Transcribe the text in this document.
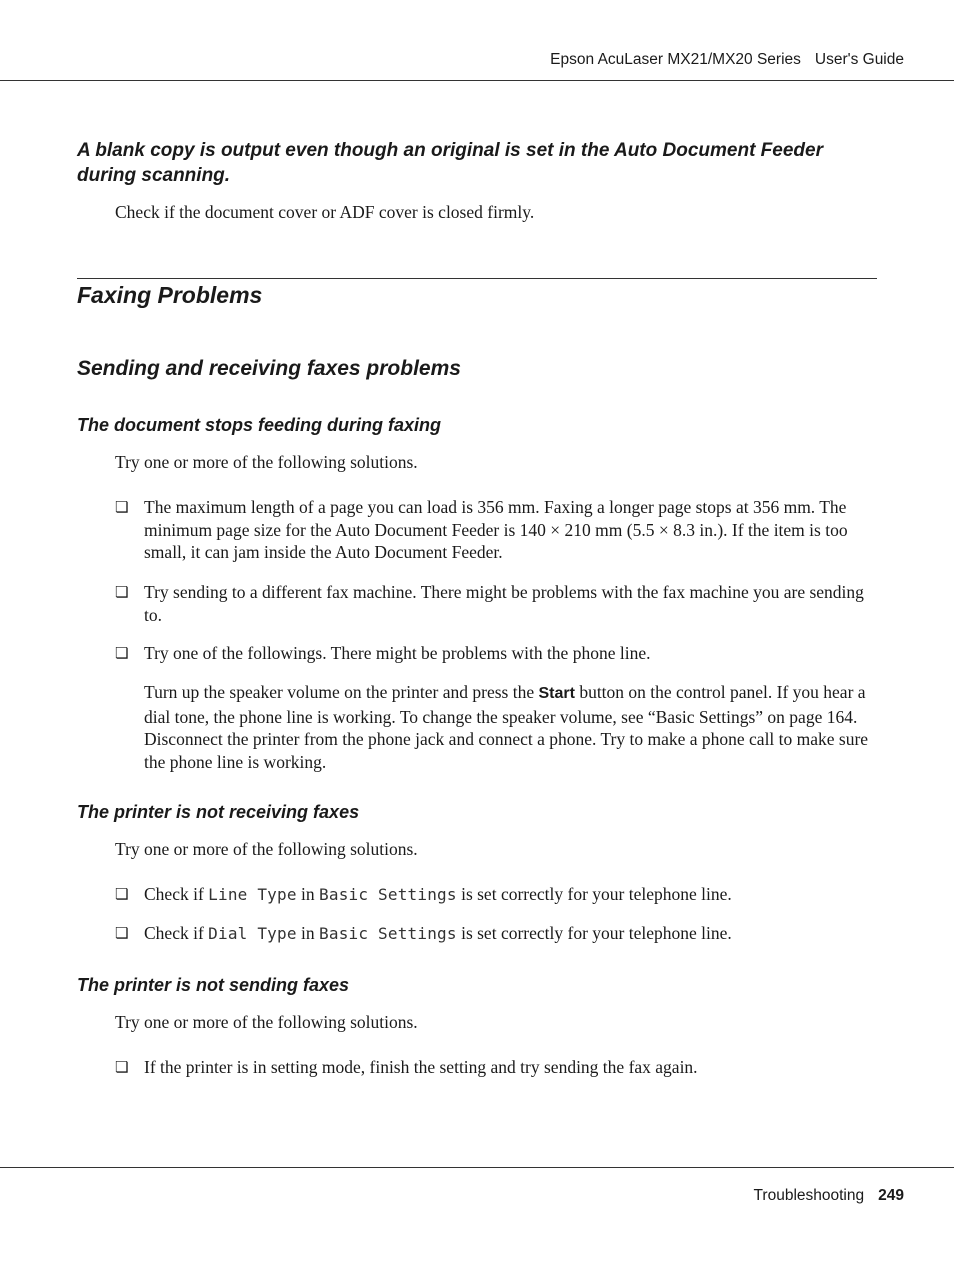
Epson AcuLaser MX21/MX20 Series User's Guide
A blank copy is output even though an original is set in the Auto Document Feeder during scanning.
Check if the document cover or ADF cover is closed firmly.
Faxing Problems
Sending and receiving faxes problems
The document stops feeding during faxing
Try one or more of the following solutions.
❏ The maximum length of a page you can load is 356 mm. Faxing a longer page stops at 356 mm. The minimum page size for the Auto Document Feeder is 140 × 210 mm (5.5 × 8.3 in.). If the item is too small, it can jam inside the Auto Document Feeder.
❏ Try sending to a different fax machine. There might be problems with the fax machine you are sending to.
❏ Try one of the followings. There might be problems with the phone line.
Turn up the speaker volume on the printer and press the Start button on the control panel. If you hear a dial tone, the phone line is working. To change the speaker volume, see “Basic Settings” on page 164. Disconnect the printer from the phone jack and connect a phone. Try to make a phone call to make sure the phone line is working.
The printer is not receiving faxes
Try one or more of the following solutions.
❏ Check if Line Type in Basic Settings is set correctly for your telephone line.
❏ Check if Dial Type in Basic Settings is set correctly for your telephone line.
The printer is not sending faxes
Try one or more of the following solutions.
❏ If the printer is in setting mode, finish the setting and try sending the fax again.
Troubleshooting 249
